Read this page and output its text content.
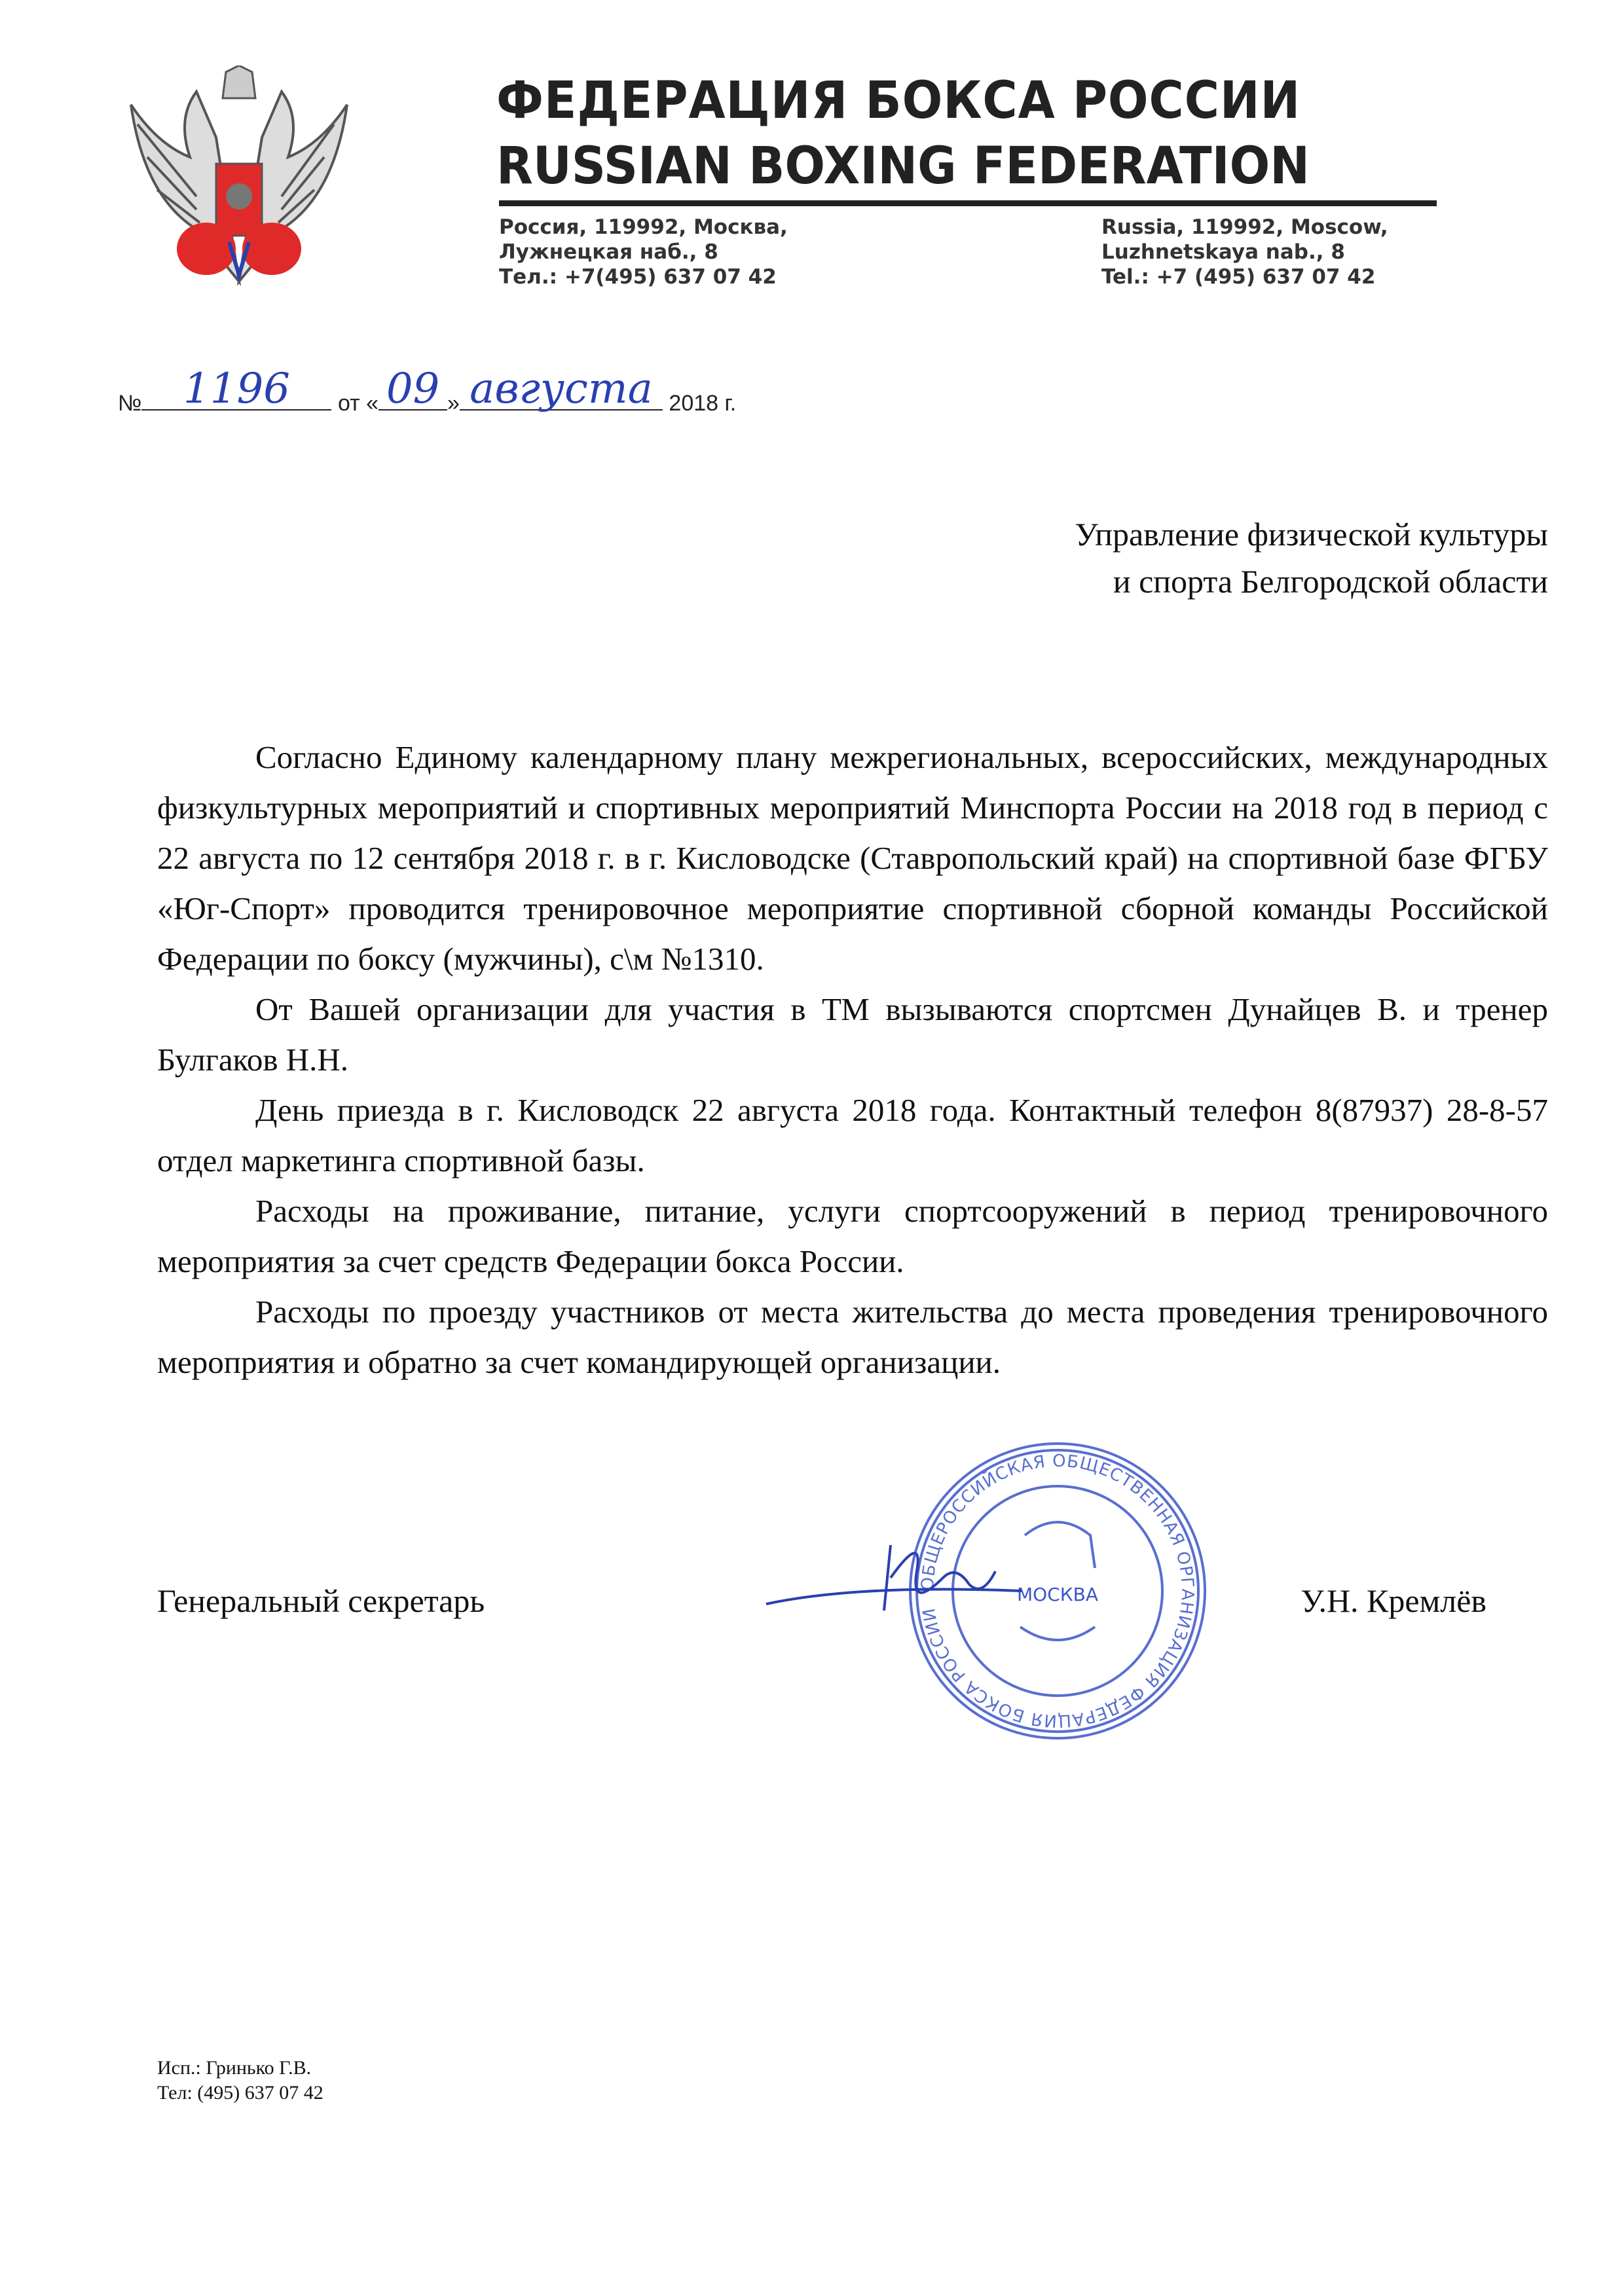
ФЕДЕРАЦИЯ БОКСА РОССИИ
RUSSIAN BOXING FEDERATION
Россия, 119992, Москва,
Лужнецкая наб., 8
Тел.: +7(495) 637 07 42
Russia, 119992, Moscow,
Luzhnetskaya nab., 8
Tel.: +7 (495) 637 07 42
№ 1196	от « 09 » августа 2018 г.
Управление физической культуры
и спорта Белгородской области

Согласно Единому календарному плану межрегиональных, всероссийских, международных физкультурных мероприятий и спортивных мероприятий Минспорта России на 2018 год в период с 22 августа по 12 сентября 2018 г. в г. Кисловодске (Ставропольский край) на спортивной базе ФГБУ «Юг-Спорт» проводится тренировочное мероприятие спортивной сборной команды Российской Федерации по боксу (мужчины), с\м №1310.

От Вашей организации для участия в ТМ вызываются спортсмен Дунайцев В. и тренер Булгаков Н.Н.

День приезда в г. Кисловодск 22 августа 2018 года. Контактный телефон 8(87937) 28-8-57 отдел маркетинга спортивной базы.

Расходы на проживание, питание, услуги спортсооружений в период тренировочного мероприятия за счет средств Федерации бокса России.

Расходы по проезду участников от места жительства до места проведения тренировочного мероприятия и обратно за счет командирующей организации.

ОБЩЕРОССИЙСКАЯ ОБЩЕСТВЕННАЯ ОРГАНИЗАЦИЯ ФЕДЕРАЦИЯ БОКСА РОССИИ
МОСКВА
Генеральный секретарь	У.Н. Кремлёв
Исп.: Гринько Г.В.
Тел: (495) 637 07 42
